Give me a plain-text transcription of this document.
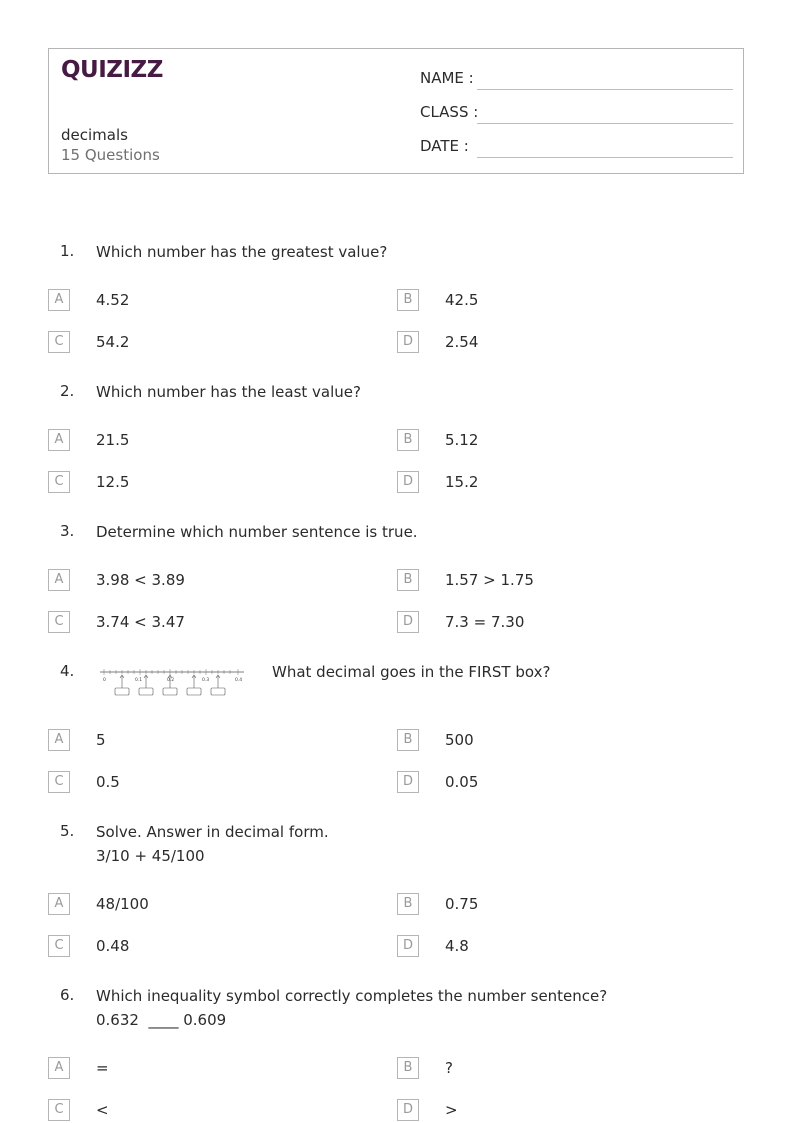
QUIZIZZ
decimals
15 Questions
NAME :
CLASS :
DATE :
1. Which number has the greatest value?
A	4.52	B	42.5
C	54.2	D	2.54
2. Which number has the least value?
A	21.5	B	5.12
C	12.5	D	15.2
3. Determine which number sentence is true.
A	3.98 < 3.89	B	1.57 > 1.75
C	3.74 < 3.47	D	7.3 = 7.30
4.
0	0.1	0.2	0.3	0.4 What decimal goes in the FIRST box?
A	5	B	500
C	0.5	D	0.05
5. Solve. Answer in decimal form.
3/10 + 45/100
A	48/100	B	0.75
C	0.48	D	4.8
6. Which inequality symbol correctly completes the number sentence?
0.632  ____ 0.609
A	=	B	?
C	<	D	>
